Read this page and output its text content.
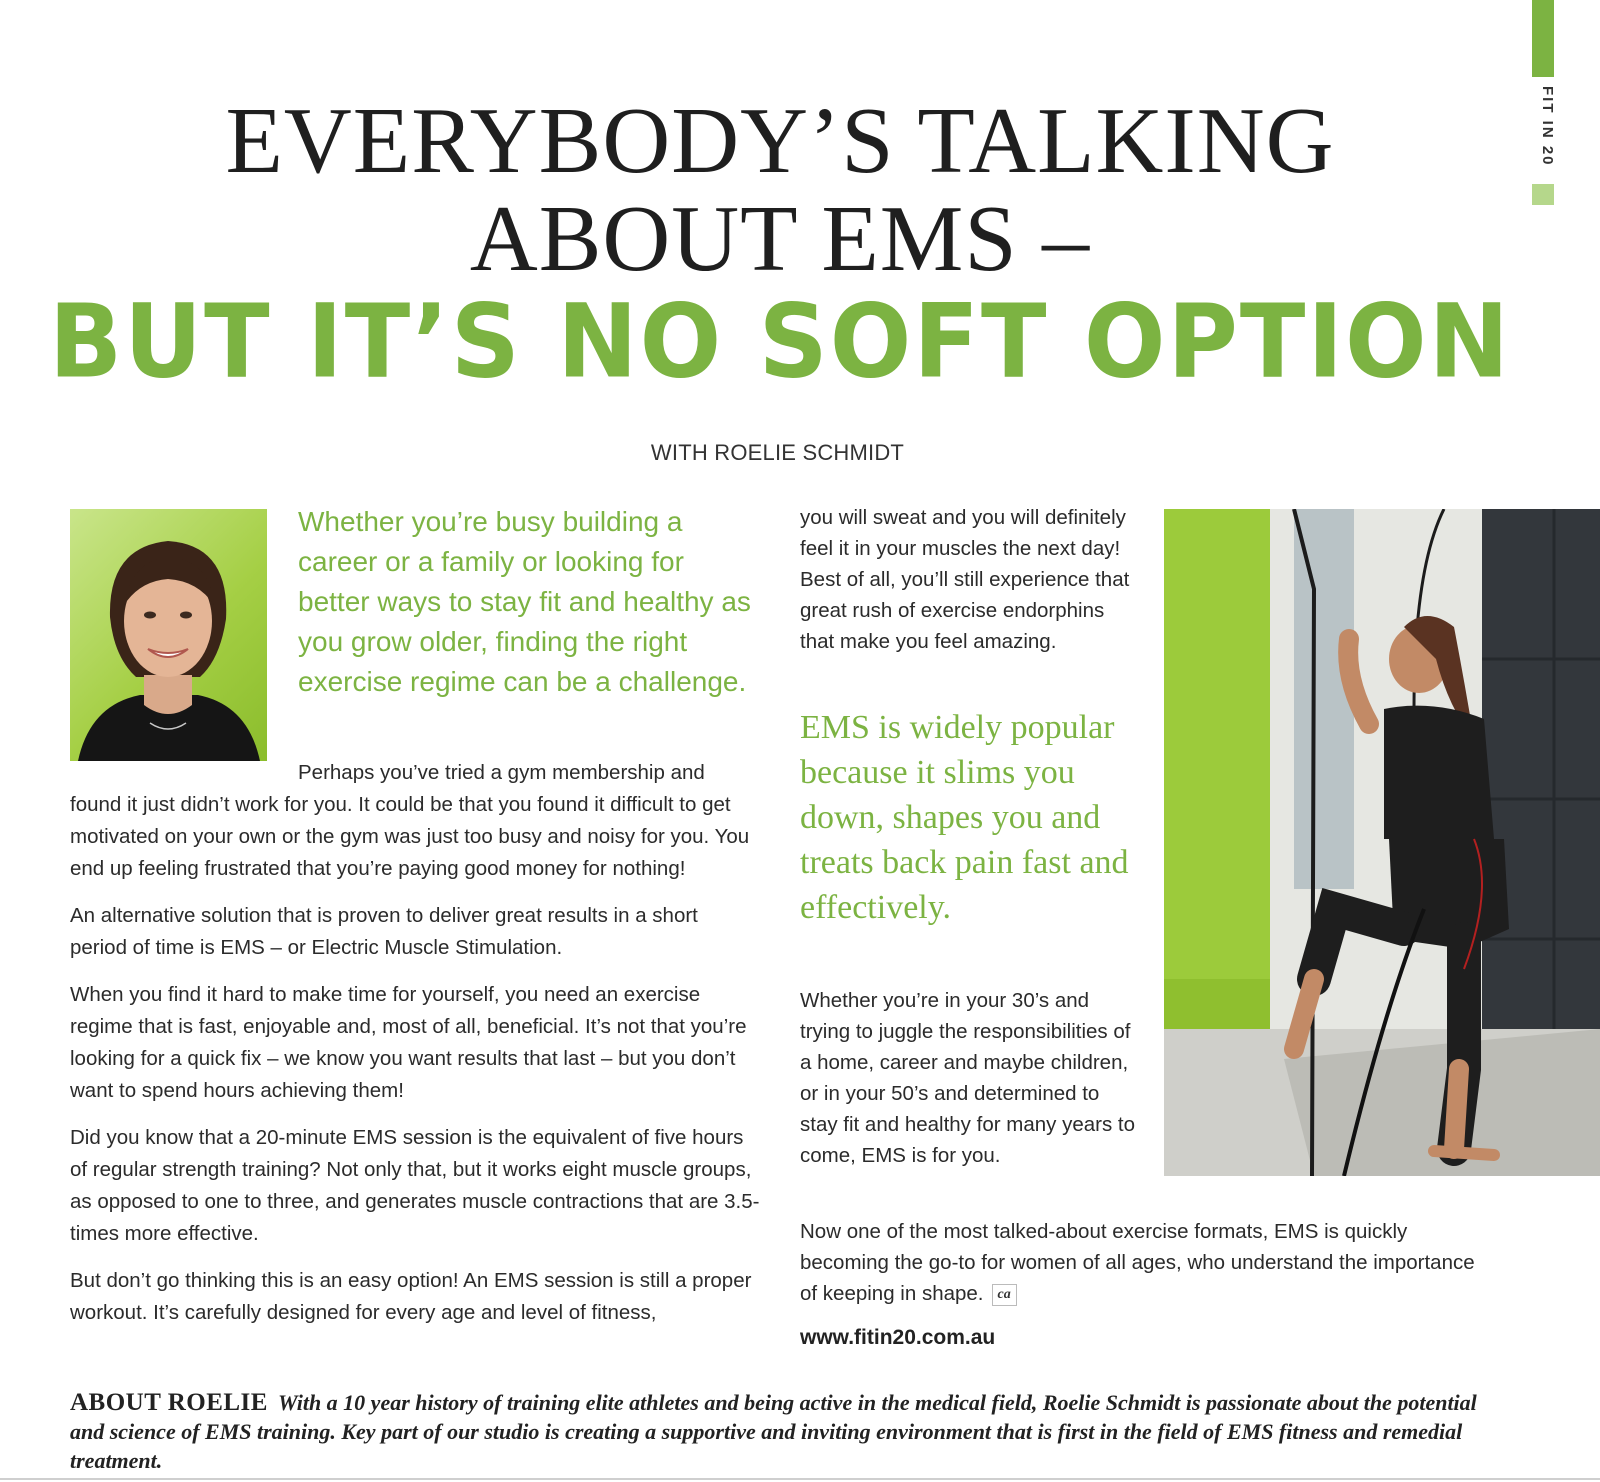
FIT IN 20
EVERYBODY’S TALKING
ABOUT EMS –
BUT IT’S NO SOFT OPTION
WITH ROELIE SCHMIDT
Whether you’re busy building a career or a family or looking for better ways to stay fit and healthy as you grow older, finding the right exercise regime can be a challenge.

Perhaps you’ve tried a gym membership and found it just didn’t work for you. It could be that you found it difficult to get motivated on your own or the gym was just too busy and noisy for you. You end up feeling frustrated that you’re paying good money for nothing!

An alternative solution that is proven to deliver great results in a short period of time is EMS – or Electric Muscle Stimulation.

When you find it hard to make time for yourself, you need an exercise regime that is fast, enjoyable and, most of all, beneficial. It’s not that you’re looking for a quick fix – we know you want results that last – but you don’t want to spend hours achieving them!

Did you know that a 20-minute EMS session is the equivalent of five hours of regular strength training? Not only that, but it works eight muscle groups, as opposed to one to three, and generates muscle contractions that are 3.5-times more effective.

But don’t go thinking this is an easy option! An EMS session is still a proper workout. It’s carefully designed for every age and level of fitness,

you will sweat and you will definitely feel it in your muscles the next day! Best of all, you’ll still experience that great rush of exercise endorphins that make you feel amazing.
EMS is widely popular because it slims you down, shapes you and treats back pain fast and effectively.
Whether you’re in your 30’s and trying to juggle the responsibilities of a home, career and maybe children, or in your 50’s and determined to stay fit and healthy for many years to come, EMS is for you.
Now one of the most talked-about exercise formats, EMS is quickly becoming the go-to for women of all ages, who understand the importance of keeping in shape. ca
www.fitin20.com.au
ABOUT ROELIE With a 10 year history of training elite athletes and being active in the medical field, Roelie Schmidt is passionate about the potential and science of EMS training. Key part of our studio is creating a supportive and inviting environment that is first in the field of EMS fitness and remedial treatment.
